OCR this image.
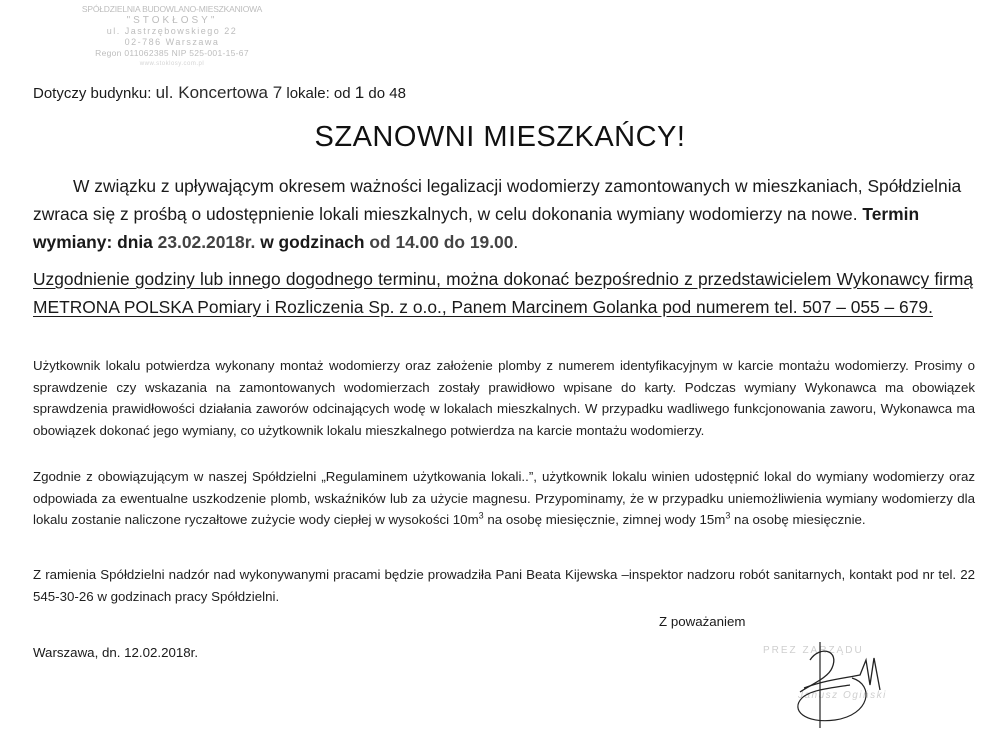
SPÓŁDZIELNIA BUDOWLANO-MIESZKANIOWA
"STOKŁOSY"
ul. Jastrzębowskiego 22
02-786 Warszawa
Regon 011062385 NIP 525-001-15-67
www.stoklosy.com.pl
Dotyczy budynku: ul. Koncertowa 7 lokale: od 1 do 48
SZANOWNI MIESZKAŃCY!
W związku z upływającym okresem ważności legalizacji wodomierzy zamontowanych w mieszkaniach, Spółdzielnia zwraca się z prośbą o udostępnienie lokali mieszkalnych, w celu dokonania wymiany wodomierzy na nowe. Termin wymiany: dnia 23.02.2018r. w godzinach od 14.00 do 19.00.
Uzgodnienie godziny lub innego dogodnego terminu, można dokonać bezpośrednio z przedstawicielem Wykonawcy firmą METRONA POLSKA Pomiary i Rozliczenia Sp. z o.o., Panem Marcinem Golanka pod numerem tel. 507 – 055 – 679.
Użytkownik lokalu potwierdza wykonany montaż wodomierzy oraz założenie plomby z numerem identyfikacyjnym w karcie montażu wodomierzy. Prosimy o sprawdzenie czy wskazania na zamontowanych wodomierzach zostały prawidłowo wpisane do karty. Podczas wymiany Wykonawca ma obowiązek sprawdzenia prawidłowości działania zaworów odcinających wodę w lokalach mieszkalnych. W przypadku wadliwego funkcjonowania zaworu, Wykonawca ma obowiązek dokonać jego wymiany, co użytkownik lokalu mieszkalnego potwierdza na karcie montażu wodomierzy.
Zgodnie z obowiązującym w naszej Spółdzielni „Regulaminem użytkowania lokali..”, użytkownik lokalu winien udostępnić lokal do wymiany wodomierzy oraz odpowiada za ewentualne uszkodzenie plomb, wskaźników lub za użycie magnesu. Przypominamy, że w przypadku uniemożliwienia wymiany wodomierzy dla lokalu zostanie naliczone ryczałtowe zużycie wody ciepłej w wysokości $10m^3$ na osobę miesięcznie, zimnej wody $15m^3$ na osobę miesięcznie.
Z ramienia Spółdzielni nadzór nad wykonywanymi pracami będzie prowadziła Pani Beata Kijewska –inspektor nadzoru robót sanitarnych, kontakt pod nr tel. 22 545-30-26 w godzinach pracy Spółdzielni.
Z poważaniem
Warszawa, dn. 12.02.2018r.	PREZ ZARZĄDU
Janusz Ogiński
